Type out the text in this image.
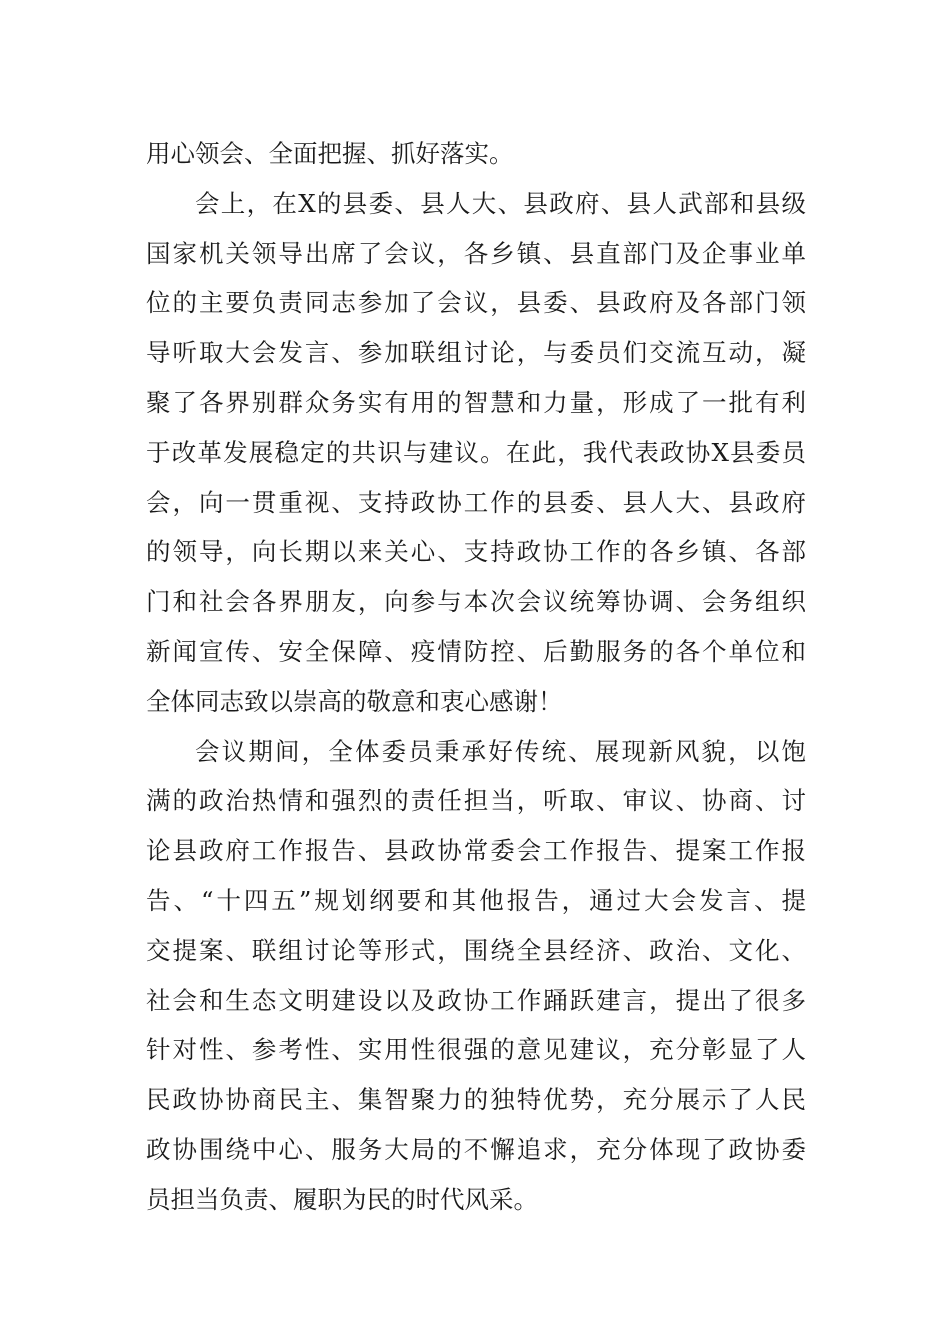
用心领会、全面把握、抓好落实。
会上，在X的县委、县人大、县政府、县人武部和县级
国家机关领导出席了会议，各乡镇、县直部门及企事业单
位的主要负责同志参加了会议，县委、县政府及各部门领
导听取大会发言、参加联组讨论，与委员们交流互动，凝
聚了各界别群众务实有用的智慧和力量，形成了一批有利
于改革发展稳定的共识与建议。在此，我代表政协X县委员
会，向一贯重视、支持政协工作的县委、县人大、县政府
的领导，向长期以来关心、支持政协工作的各乡镇、各部
门和社会各界朋友，向参与本次会议统筹协调、会务组织
新闻宣传、安全保障、疫情防控、后勤服务的各个单位和
全体同志致以崇高的敬意和衷心感谢！
会议期间，全体委员秉承好传统、展现新风貌，以饱
满的政治热情和强烈的责任担当，听取、审议、协商、讨
论县政府工作报告、县政协常委会工作报告、提案工作报
告、“十四五”规划纲要和其他报告，通过大会发言、提
交提案、联组讨论等形式，围绕全县经济、政治、文化、
社会和生态文明建设以及政协工作踊跃建言，提出了很多
针对性、参考性、实用性很强的意见建议，充分彰显了人
民政协协商民主、集智聚力的独特优势，充分展示了人民
政协围绕中心、服务大局的不懈追求，充分体现了政协委
员担当负责、履职为民的时代风采。
